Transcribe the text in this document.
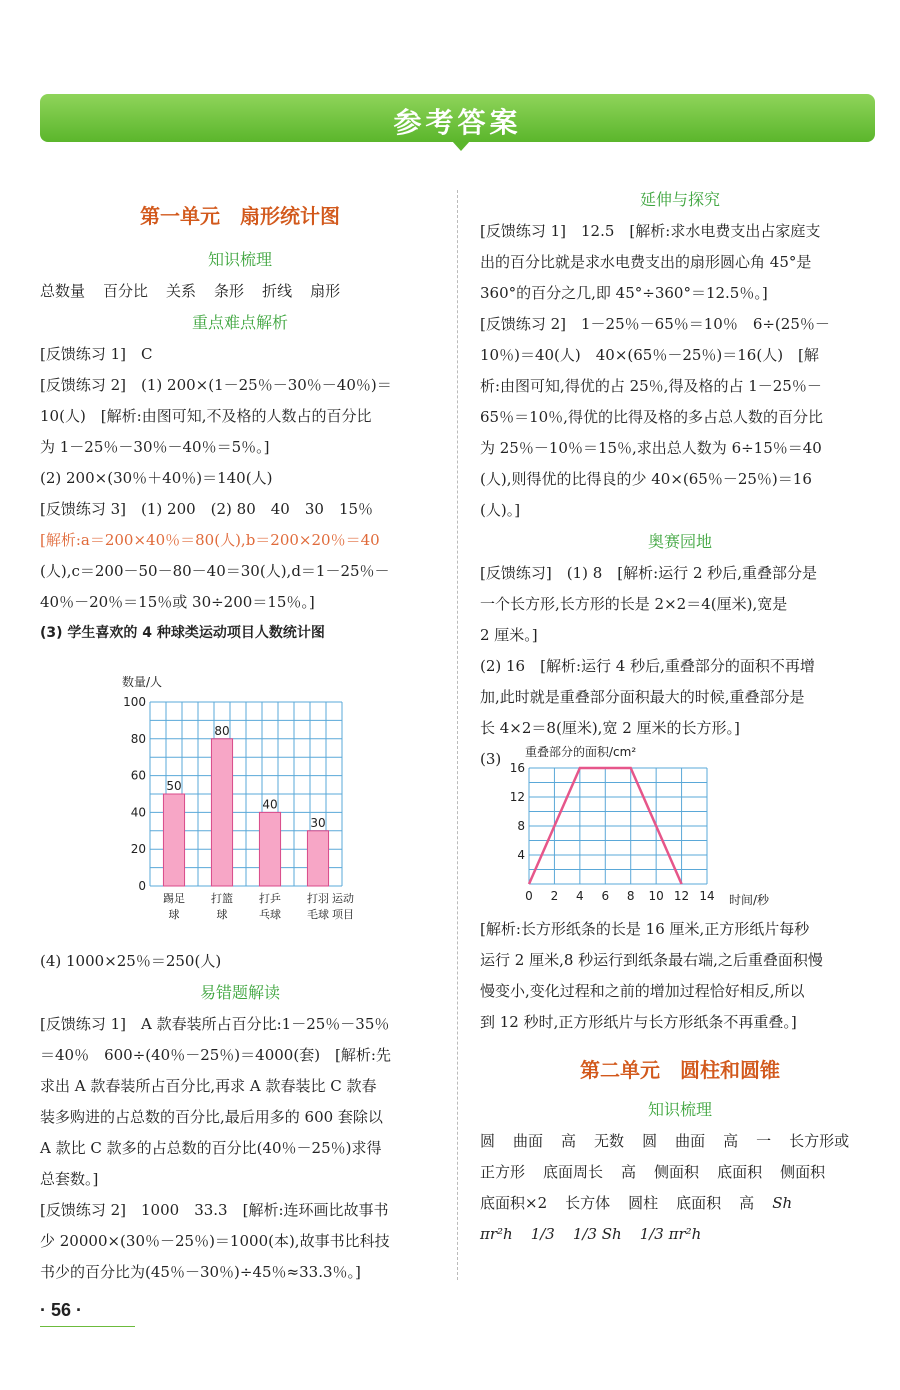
参考答案

第一单元　扇形统计图

知识梳理

总数量 百分比 关系 条形 折线 扇形

重点难点解析

[反馈练习 1]　C

[反馈练习 2]　(1) 200×(1－25％－30％－40％)＝

10(人)　[解析:由图可知,不及格的人数占的百分比

为 1－25％－30％－40％＝5％。]

(2) 200×(30％＋40％)＝140(人)

[反馈练习 3]　(1) 200　(2) 80　40　30　15％

[解析:a＝200×40％＝80(人),b＝200×20％＝40

(人),c＝200－50－80－40＝30(人),d＝1－25％－

40％－20％＝15％或 30÷200＝15％。]

(3) 学生喜欢的 4 种球类运动项目人数统计图

数量/人
运动
项目
0
20
40
60
80
100
50
踢足
球
80
打篮
球
40
打乒
乓球
30
打羽
毛球

(4) 1000×25％＝250(人)

易错题解读

[反馈练习 1]　A 款春装所占百分比:1－25％－35％

＝40％　600÷(40％－25％)＝4000(套)　[解析:先

求出 A 款春装所占百分比,再求 A 款春装比 C 款春

装多购进的占总数的百分比,最后用多的 600 套除以

A 款比 C 款多的占总数的百分比(40％－25％)求得

总套数。]

[反馈练习 2]　1000　33.3　[解析:连环画比故事书

少 20000×(30％－25％)＝1000(本),故事书比科技

书少的百分比为(45％－30％)÷45％≈33.3％。]

延伸与探究

[反馈练习 1]　12.5　[解析:求水电费支出占家庭支

出的百分比就是求水电费支出的扇形圆心角 45°是

360°的百分之几,即 45°÷360°＝12.5％。]

[反馈练习 2]　1－25％－65％＝10％　6÷(25％－

10％)＝40(人)　40×(65％－25％)＝16(人)　[解

析:由图可知,得优的占 25％,得及格的占 1－25％－

65％＝10％,得优的比得及格的多占总人数的百分比

为 25％－10％＝15％,求出总人数为 6÷15％＝40

(人),则得优的比得良的少 40×(65％－25％)＝16

(人)。]

奥赛园地

[反馈练习]　(1) 8　[解析:运行 2 秒后,重叠部分是

一个长方形,长方形的长是 2×2＝4(厘米),宽是

2 厘米。]

(2) 16　[解析:运行 4 秒后,重叠部分的面积不再增

加,此时就是重叠部分面积最大的时候,重叠部分是

长 4×2＝8(厘米),宽 2 厘米的长方形。]

(3)	重叠部分的面积/cm²
时间/秒
0 2 4 6 8 10 12 14
4
8
12
16

[解析:长方形纸条的长是 16 厘米,正方形纸片每秒

运行 2 厘米,8 秒运行到纸条最右端,之后重叠面积慢

慢变小,变化过程和之前的增加过程恰好相反,所以

到 12 秒时,正方形纸片与长方形纸条不再重叠。]

第二单元　圆柱和圆锥

知识梳理

圆 曲面 高 无数 圆 曲面 高 一 长方形或

正方形 底面周长 高 侧面积 底面积 侧面积

底面积×2 长方体 圆柱 底面积 高 Sh

πr²h 1/3 1/3 Sh 1/3 πr²h

· 56 ·
